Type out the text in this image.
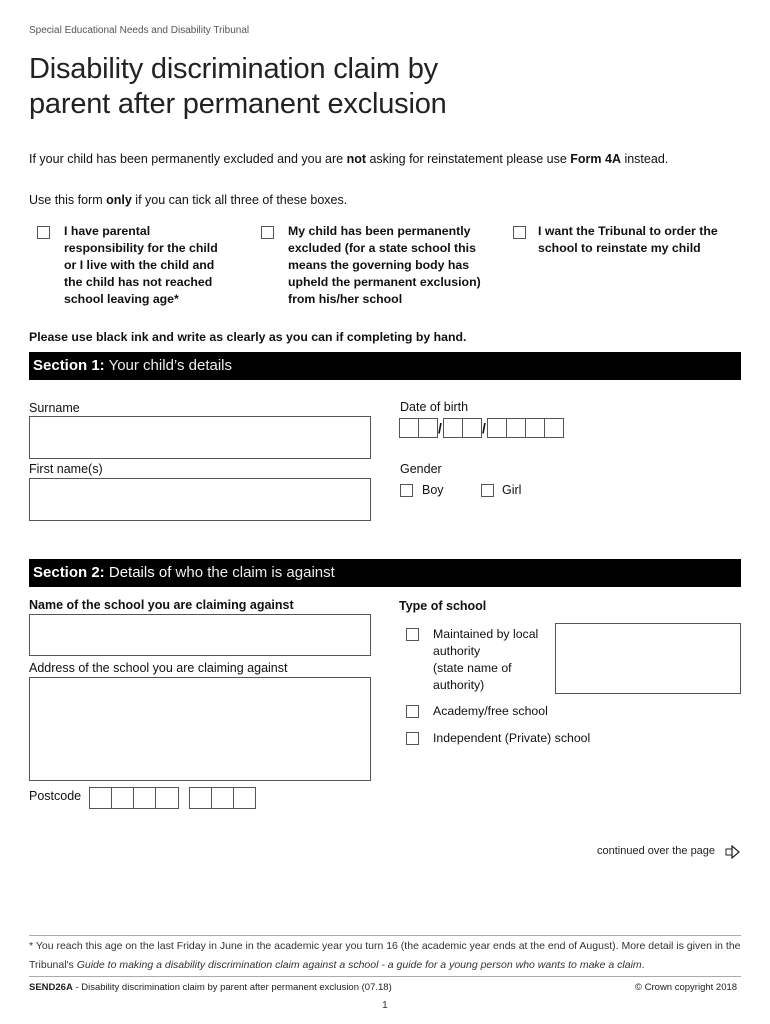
Special Educational Needs and Disability Tribunal
Disability discrimination claim by
parent after permanent exclusion
If your child has been permanently excluded and you are not asking for reinstatement please use Form 4A instead.
Use this form only if you can tick all three of these boxes.
I have parental
responsibility for the child
or I live with the child and
the child has not reached
school leaving age*
My child has been permanently
excluded (for a state school this
means the governing body has
upheld the permanent exclusion)
from his/her school
I want the Tribunal to order the
school to reinstate my child
Please use black ink and write as clearly as you can if completing by hand.
Section 1: Your child’s details
Surname
First name(s)
Date of birth
/	/
Gender
Boy	Girl
Section 2: Details of who the claim is against
Name of the school you are claiming against
Address of the school you are claiming against
Postcode
Type of school
Maintained by local
authority
(state name of
authority)
Academy/free school
Independent (Private) school
continued over the page
* You reach this age on the last Friday in June in the academic year you turn 16 (the academic year ends at the end of August). More detail is given in the Tribunal's Guide to making a disability discrimination claim against a school - a guide for a young person who wants to make a claim.
SEND26A - Disability discrimination claim by parent after permanent exclusion (07.18)	© Crown copyright 2018
1
